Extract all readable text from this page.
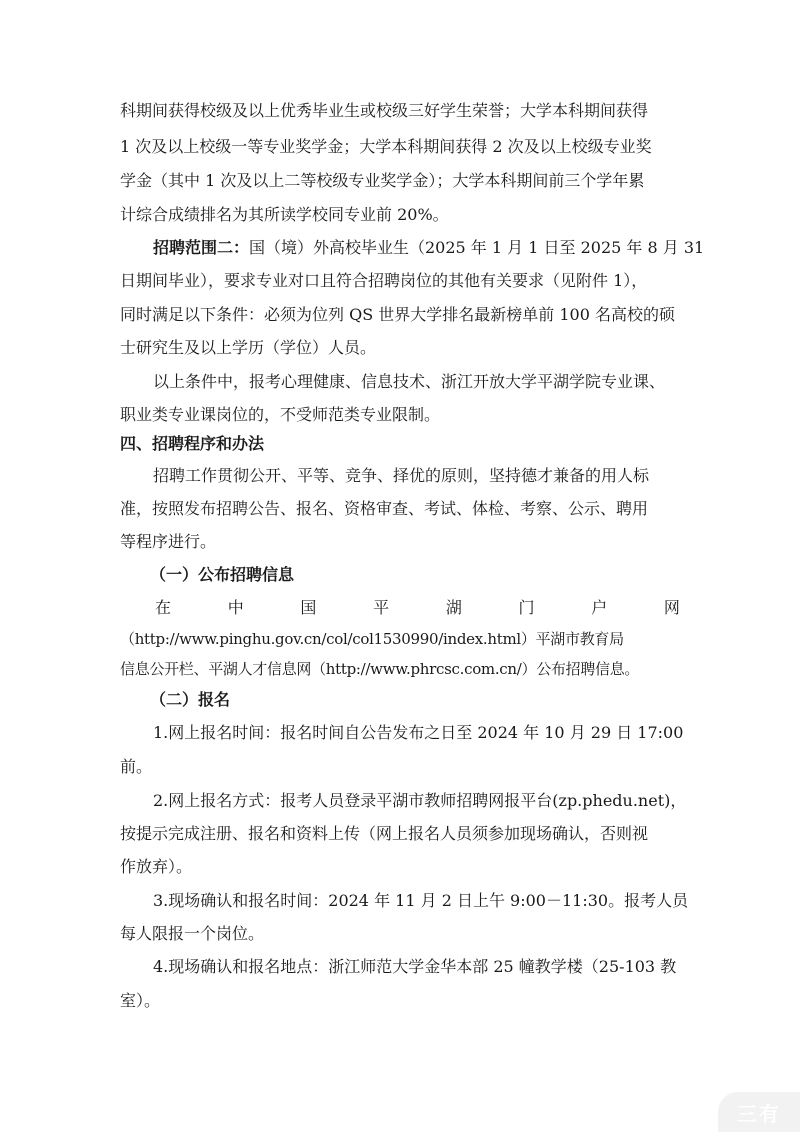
科期间获得校级及以上优秀毕业生或校级三好学生荣誉；大学本科期间获得
1 次及以上校级一等专业奖学金；大学本科期间获得 2 次及以上校级专业奖
学金（其中 1 次及以上二等校级专业奖学金）；大学本科期间前三个学年累
计综合成绩排名为其所读学校同专业前 20%。
招聘范围二： 国（境）外高校毕业生（2025 年 1 月 1 日至 2025 年 8 月 31
日期间毕业），要求专业对口且符合招聘岗位的其他有关要求（见附件 1），
同时满足以下条件：必须为位列 QS 世界大学排名最新榜单前 100 名高校的硕
士研究生及以上学历（学位）人员。
以上条件中，报考心理健康、信息技术、浙江开放大学平湖学院专业课、
职业类专业课岗位的，不受师范类专业限制。
四、招聘程序和办法
招聘工作贯彻公开、平等、竞争、择优的原则，坚持德才兼备的用人标
准，按照发布招聘公告、报名、资格审查、考试、体检、考察、公示、聘用
等程序进行。
（一）公布招聘信息
在	中	国	平	湖	门	户	网
（http://www.pinghu.gov.cn/col/col1530990/index.html）平湖市教育局
信息公开栏、平湖人才信息网（http://www.phrcsc.com.cn/）公布招聘信息。
（二）报名
1.网上报名时间：报名时间自公告发布之日至 2024 年 10 月 29 日 17:00
前。
2.网上报名方式：报考人员登录平湖市教师招聘网报平台(zp.phedu.net)，
按提示完成注册、报名和资料上传（网上报名人员须参加现场确认，否则视
作放弃）。
3.现场确认和报名时间：2024 年 11 月 2 日上午 9:00－11:30。报考人员
每人限报一个岗位。
4.现场确认和报名地点：浙江师范大学金华本部 25 幢教学楼（25-103 教
室）。
三有
